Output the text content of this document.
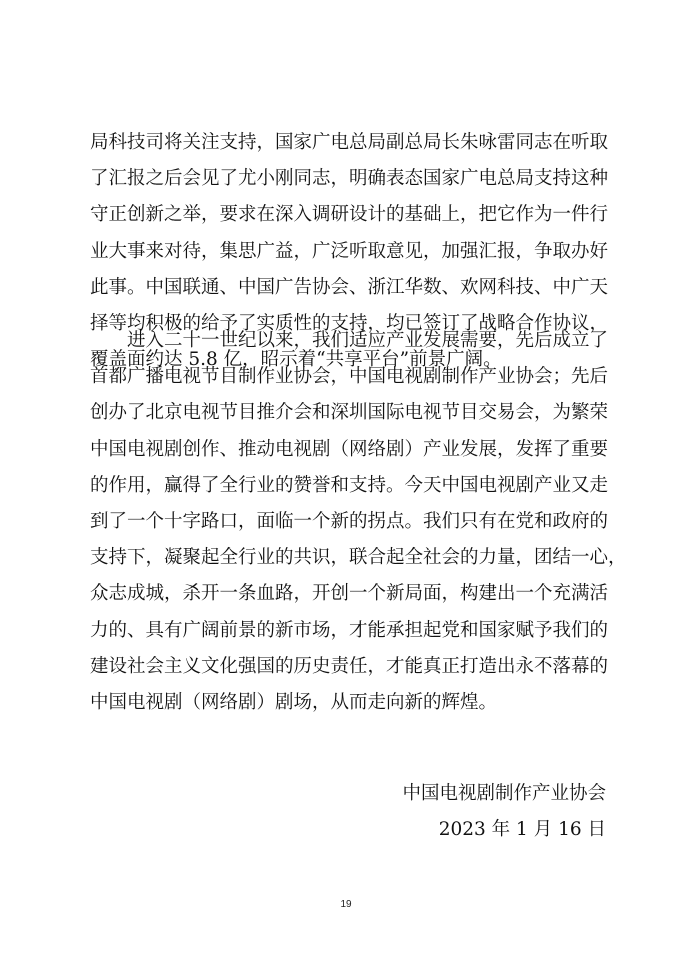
局科技司将关注支持，国家广电总局副总局长朱咏雷同志在听取
了汇报之后会见了尤小刚同志，明确表态国家广电总局支持这种
守正创新之举，要求在深入调研设计的基础上，把它作为一件行
业大事来对待，集思广益，广泛听取意见，加强汇报，争取办好
此事。中国联通、中国广告协会、浙江华数、欢网科技、中广天
择等均积极的给予了实质性的支持，均已签订了战略合作协议，
覆盖面约达 5.8 亿，昭示着“共享平台”前景广阔。

　　进入二十一世纪以来，我们适应产业发展需要，先后成立了
首都广播电视节目制作业协会，中国电视剧制作产业协会；先后
创办了北京电视节目推介会和深圳国际电视节目交易会，为繁荣
中国电视剧创作、推动电视剧（网络剧）产业发展，发挥了重要
的作用，赢得了全行业的赞誉和支持。今天中国电视剧产业又走
到了一个十字路口，面临一个新的拐点。我们只有在党和政府的
支持下，凝聚起全行业的共识，联合起全社会的力量，团结一心，
众志成城，杀开一条血路，开创一个新局面，构建出一个充满活
力的、具有广阔前景的新市场，才能承担起党和国家赋予我们的
建设社会主义文化强国的历史责任，才能真正打造出永不落幕的
中国电视剧（网络剧）剧场，从而走向新的辉煌。

中国电视剧制作产业协会
2023 年 1 月 16 日
19
